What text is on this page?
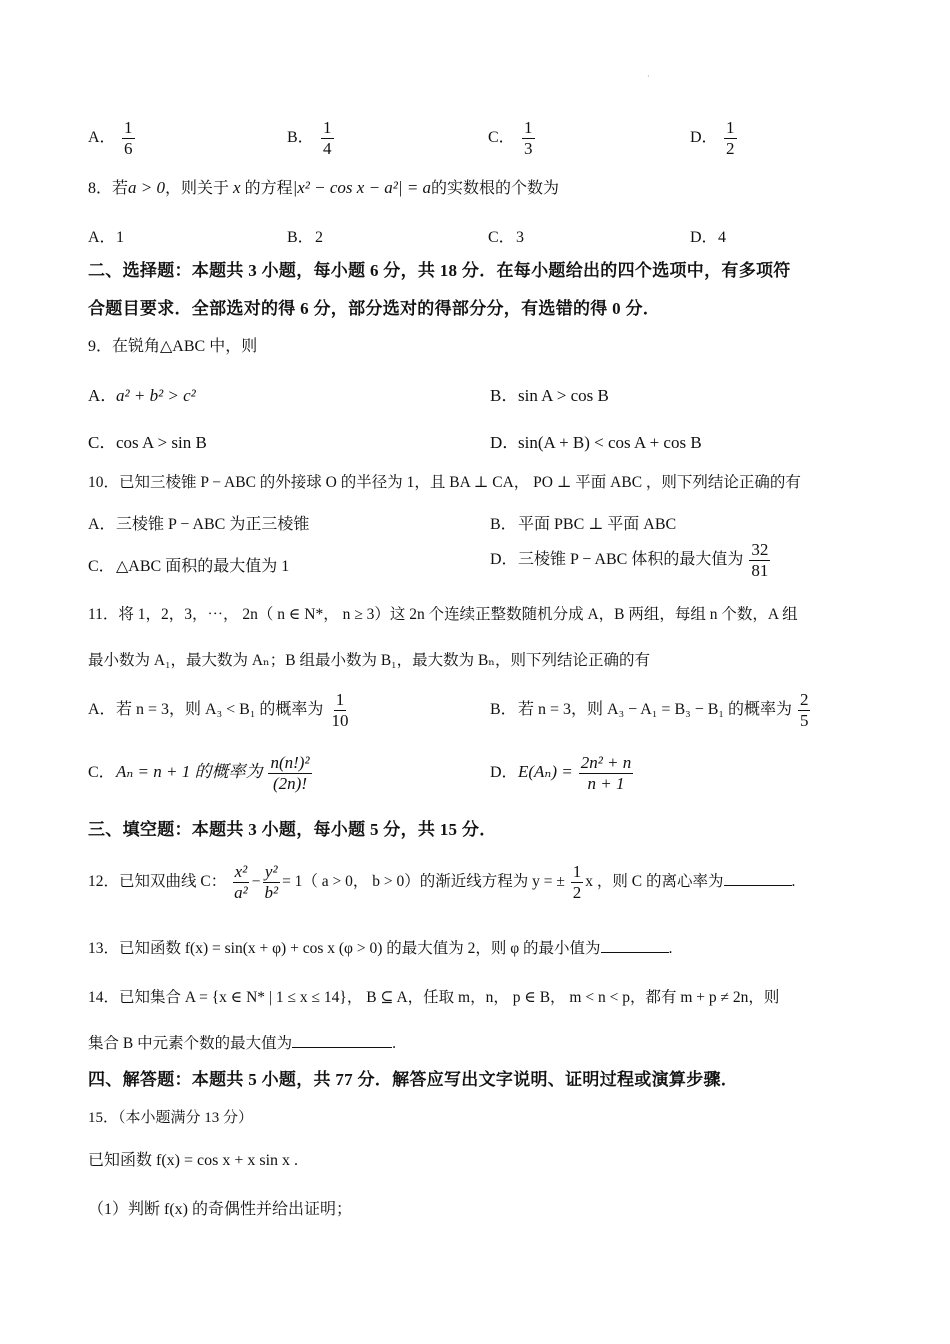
·
A． $\frac{1}{6}$	B． $\frac{1}{4}$	C． $\frac{1}{3}$	D． $\frac{1}{2}$
8．若a > 0，则关于 x 的方程|x² − cos x − a²| = a的实数根的个数为
A．1	B．2	C．3	D．4
二、选择题：本题共 3 小题，每小题 6 分，共 18 分．在每小题给出的四个选项中，有多项符
合题目要求．全部选对的得 6 分，部分选对的得部分分，有选错的得 0 分．
9．在锐角△ABC 中，则
A．a² + b² > c²	B．sin A > cos B
C．cos A > sin B	D．sin(A + B) < cos A + cos B
10．已知三棱锥 P − ABC 的外接球 O 的半径为 1，且 BA ⊥ CA， PO ⊥ 平面 ABC ，则下列结论正确的有
A．三棱锥 P − ABC 为正三棱锥	B．平面 PBC ⊥ 平面 ABC
C．△ABC 面积的最大值为 1	D．三棱锥 P − ABC 体积的最大值为 $\frac{32}{81}$
11．将 1，2，3，⋯， 2n（ n ∈ N*， n ≥ 3）这 2n 个连续正整数随机分成 A，B 两组，每组 n 个数，A 组
最小数为 A₁，最大数为 Aₙ；B 组最小数为 B₁，最大数为 Bₙ，则下列结论正确的有
A．若 n = 3，则 A₃ < B₁ 的概率为 $\frac{1}{10}$	B．若 n = 3，则 A₃ − A₁ = B₃ − B₁ 的概率为 $\frac{2}{5}$
C．Aₙ = n + 1 的概率为 $\frac{\text{n(n!)²}}{(2n)!}$	D．$E(A_n) = \frac{\text{2n² + n}}{n + 1}$
三、填空题：本题共 3 小题，每小题 5 分，共 15 分．
12．已知双曲线 C： $\frac{\text{x²}}{\text{a²}} - \frac{\text{y²}}{\text{b²}} = 1$（ a > 0， b > 0）的渐近线方程为 y = ± $\frac{1}{2}$ x ，则 C 的离心率为	.
13．已知函数 f(x) = sin(x + φ) + cos x (φ > 0) 的最大值为 2，则 φ 的最小值为	.
14．已知集合 A = {x ∈ N* | 1 ≤ x ≤ 14}， B ⊆ A，任取 m，n， p ∈ B， m < n < p，都有 m + p ≠ 2n，则
集合 B 中元素个数的最大值为	.
四、解答题：本题共 5 小题，共 77 分．解答应写出文字说明、证明过程或演算步骤．
15．（本小题满分 13 分）
已知函数 f(x) = cos x + x sin x .
（1）判断 f(x) 的奇偶性并给出证明；
